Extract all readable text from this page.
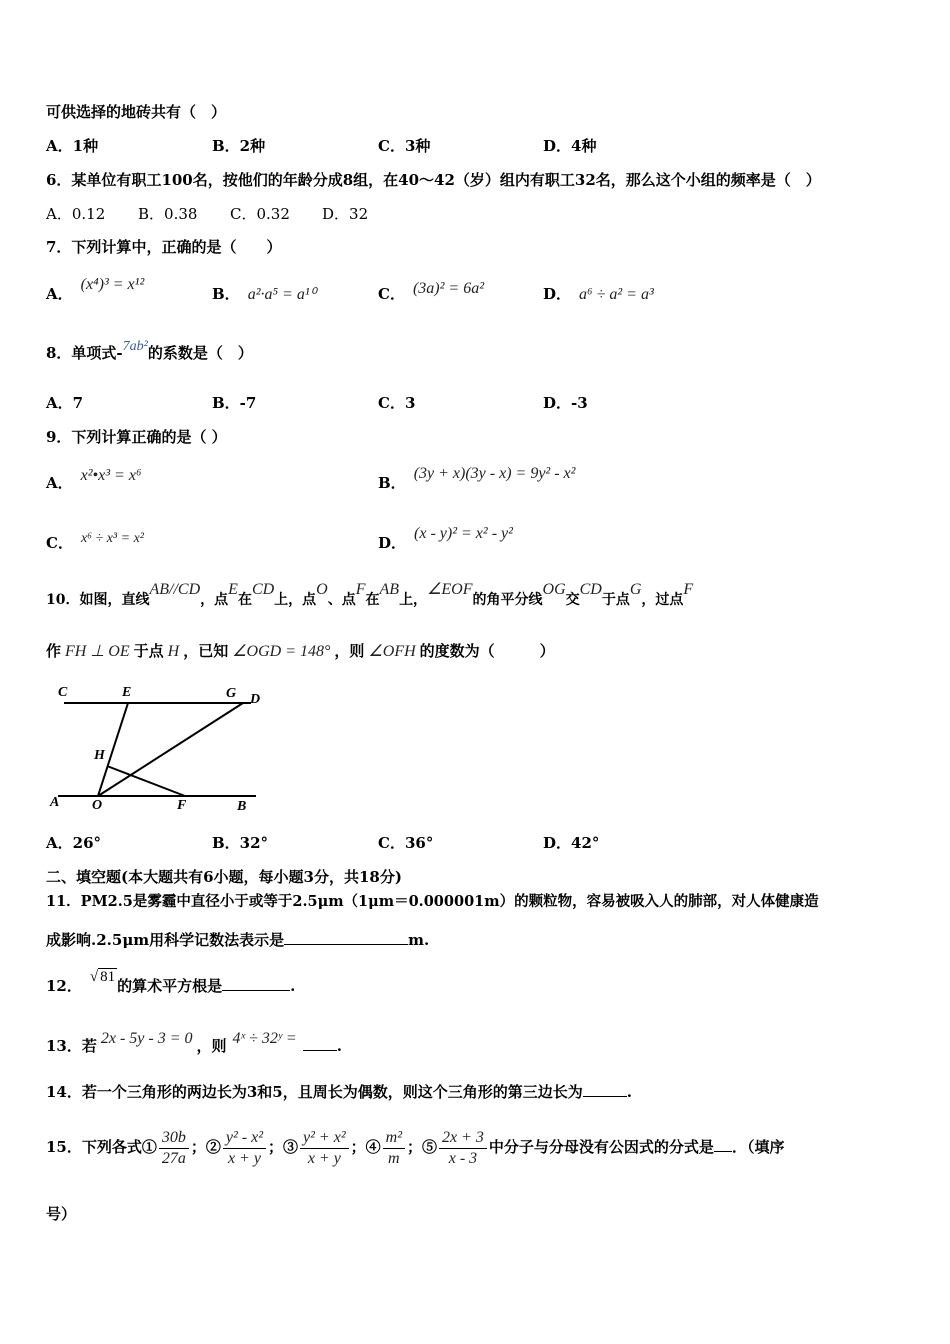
可供选择的地砖共有（　）
A．1种	B．2种	C．3种	D．4种
6．某单位有职工100名，按他们的年龄分成8组，在40～42（岁）组内有职工32名，那么这个小组的频率是（　）
A．0.12 B．0.38 C．0.32 D．32
7．下列计算中，正确的是（　　）
A．(x⁴)³ = x¹²
B． a²·a⁵ = a¹⁰	C． (3a)² = 6a²	D． a⁶ ÷ a² = a³
8．单项式-7ab²的系数是（　）
A．7	B．-7	C．3	D．-3
9．下列计算正确的是（ ）
A． x²•x³ = x⁶	B．(3y + x)(3y - x) = 9y² - x²
C． x⁶ ÷ x³ = x²	D．(x - y)² = x² - y²
10．如图，直线AB//CD，点E在CD上，点O、点F在AB上，∠EOF的角平分线OG交CD于点G，过点F
作 FH ⊥ OE 于点 H ，已知 ∠OGD = 148° ，则 ∠OFH 的度数为（　　　）
C	E	G D
H
A O	F	B
A．26°	B．32°	C．36°	D．42°
二、填空题(本大题共有6小题，每小题3分，共18分)
11．PM2.5是雾霾中直径小于或等于2.5μm（1μm＝0.000001m）的颗粒物，容易被吸入人的肺部，对人体健康造
成影响.2.5μm用科学记数法表示是	m.
12． √ 81 的算术平方根是	.
13．若 2x - 5y - 3 = 0 ，则 4ˣ ÷ 32ʸ =	.
14．若一个三角形的两边长为3和5，且周长为偶数，则这个三角形的第三边长为	.
15．下列各式① $\frac{30b}{27a}$ ；② $\frac{\text{y² - x²}}{x + y}$ ；③ $\frac{\text{y² + x²}}{x + y}$ ；④ $\frac{\text{m²}}{m}$ ；⑤ $\frac{2x + 3}{x - 3}$ 中分子与分母没有公因式的分式是 ．（填序
号）
